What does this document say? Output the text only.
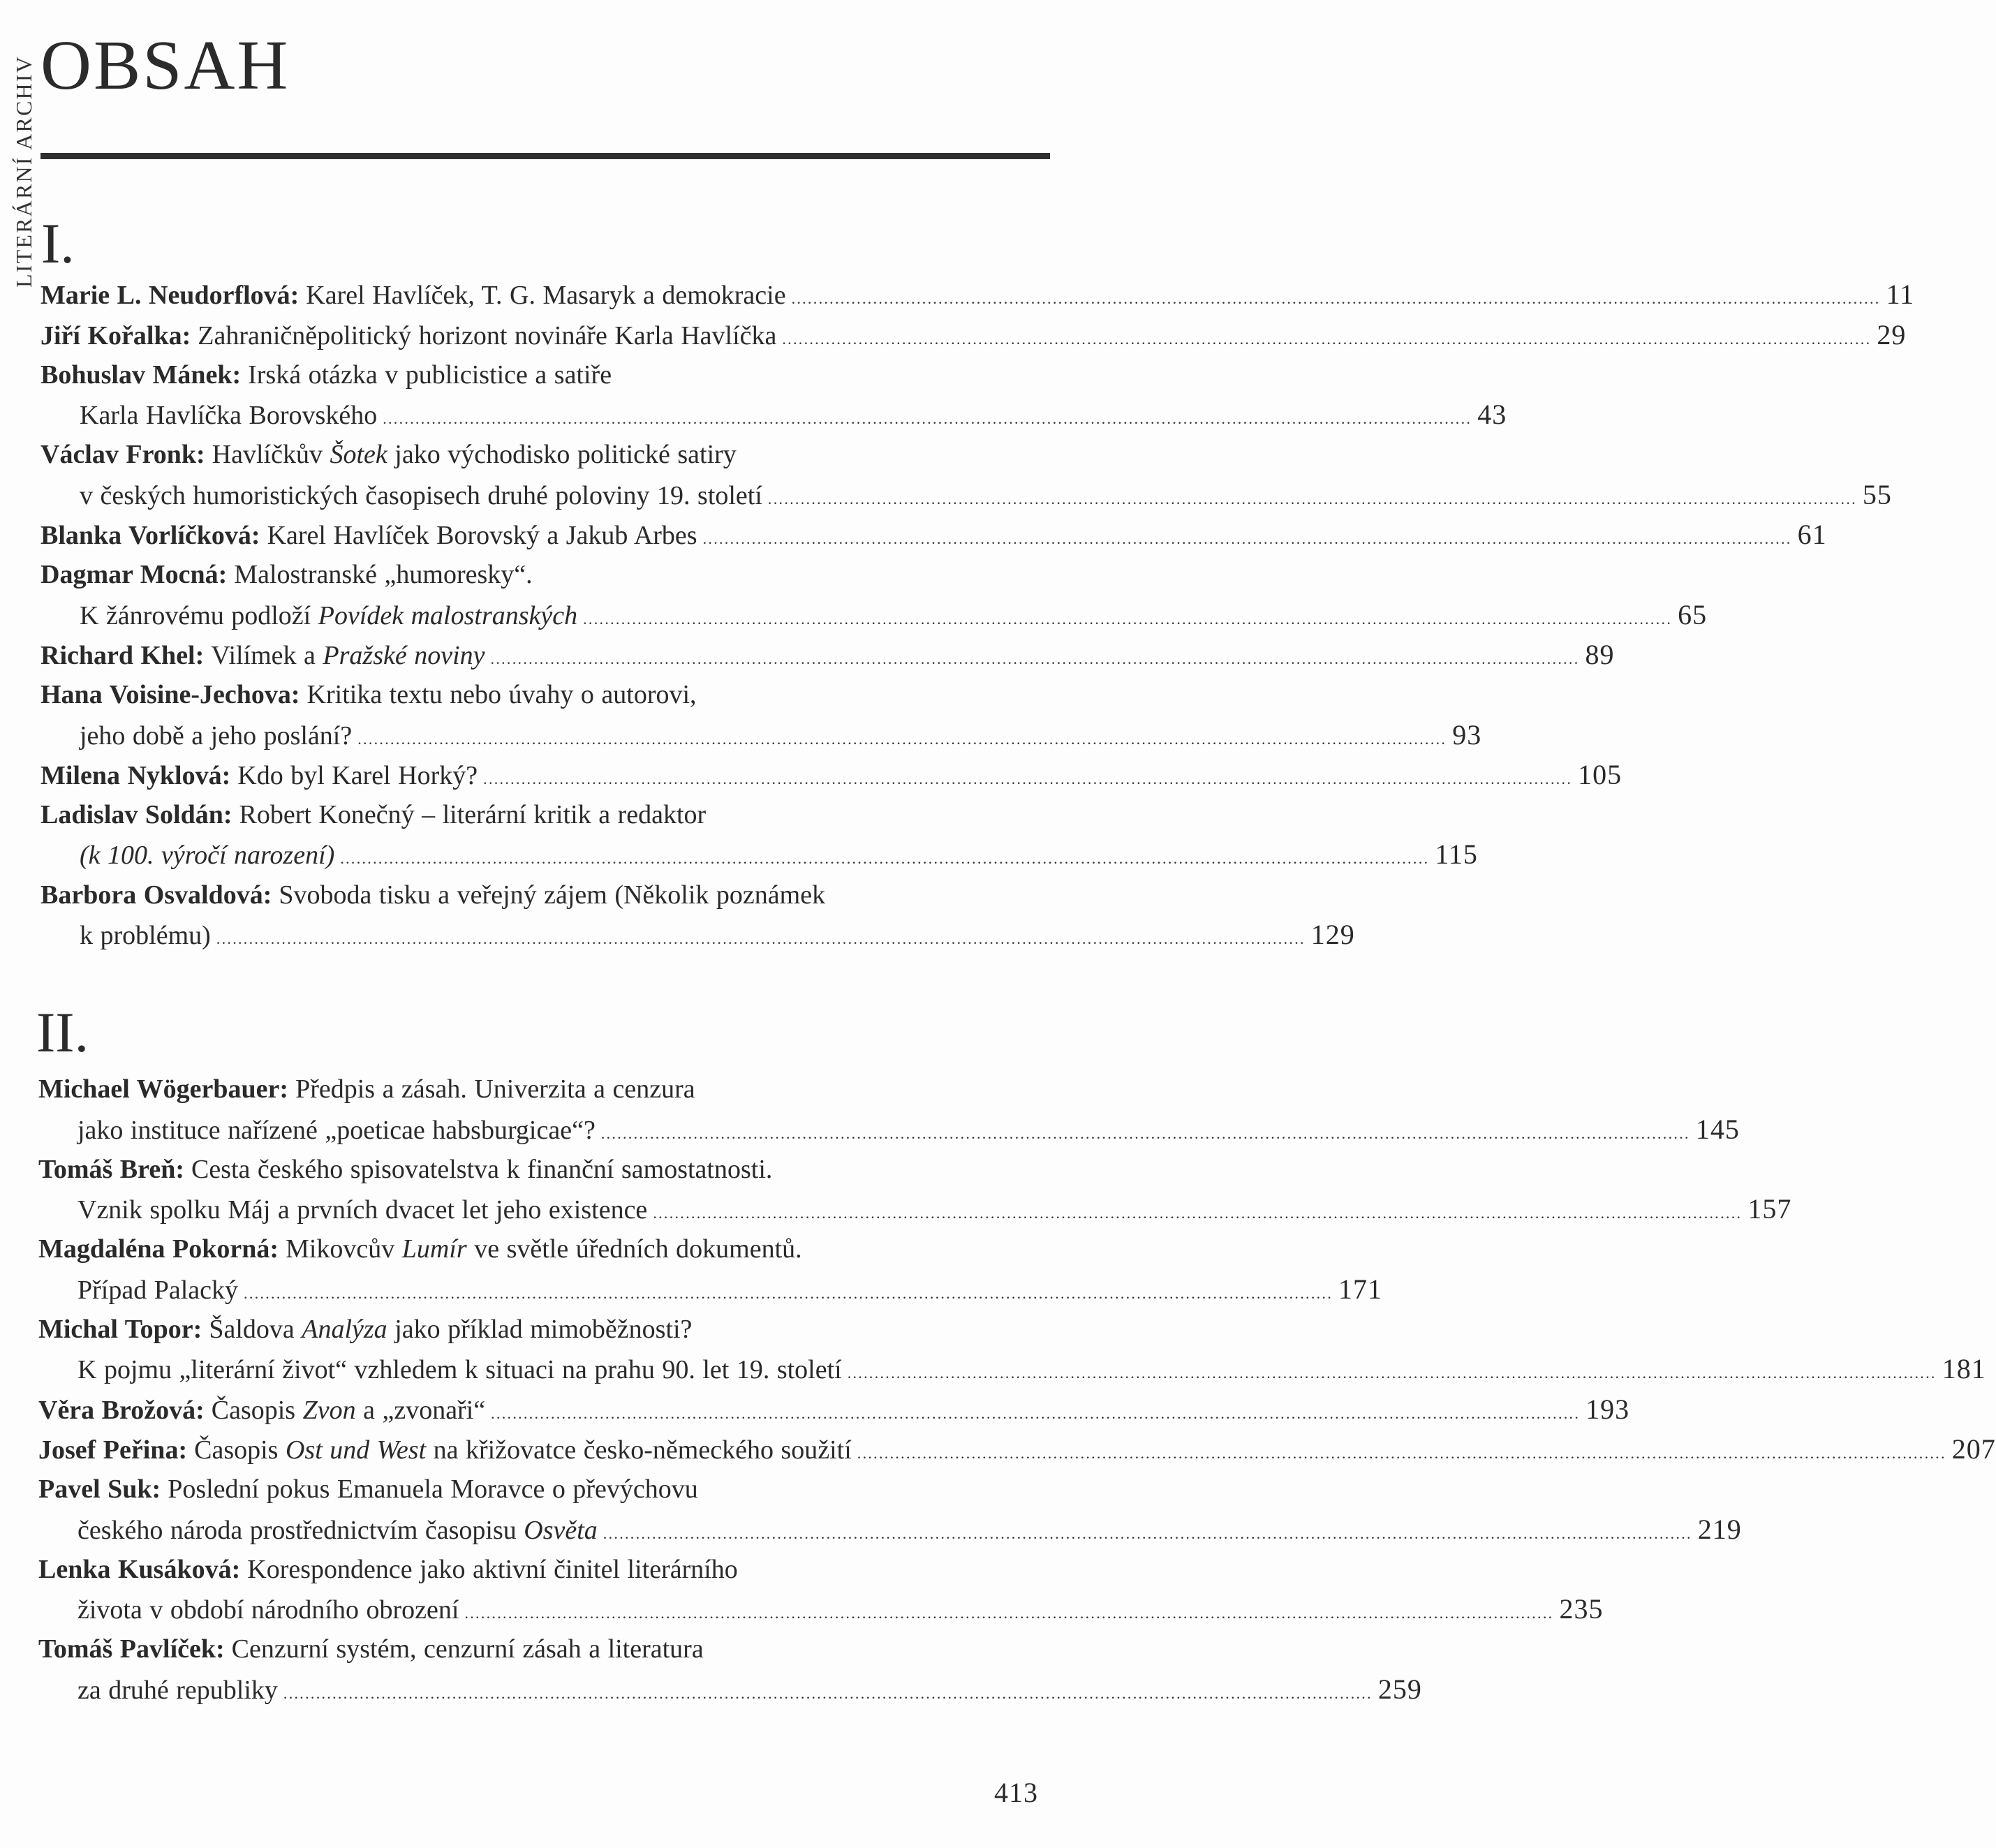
LITERÁRNÍ ARCHIV OBSAH
I.
II.
Marie L. Neudorflová: Karel Havlíček, T. G. Masaryk a demokracie ........................................................................................................................................................................................................ 11
Jiří Kořalka: Zahraničněpolitický horizont novináře Karla Havlíčka ........................................................................................................................................................................................................ 29
Bohuslav Mánek: Irská otázka v publicistice a satiře
Karla Havlíčka Borovského ........................................................................................................................................................................................................ 43
Václav Fronk: Havlíčkův Šotek jako východisko politické satiry
v českých humoristických časopisech druhé poloviny 19. století ........................................................................................................................................................................................................ 55
Blanka Vorlíčková: Karel Havlíček Borovský a Jakub Arbes ........................................................................................................................................................................................................ 61
Dagmar Mocná: Malostranské „humoresky“.
K žánrovému podloží Povídek malostranských ........................................................................................................................................................................................................ 65
Richard Khel: Vilímek a Pražské noviny ........................................................................................................................................................................................................ 89
Hana Voisine-Jechova: Kritika textu nebo úvahy o autorovi,
jeho době a jeho poslání? ........................................................................................................................................................................................................ 93
Milena Nyklová: Kdo byl Karel Horký? ........................................................................................................................................................................................................ 105
Ladislav Soldán: Robert Konečný – literární kritik a redaktor
(k 100. výročí narození) ........................................................................................................................................................................................................ 115
Barbora Osvaldová: Svoboda tisku a veřejný zájem (Několik poznámek
k problému) ........................................................................................................................................................................................................ 129
Michael Wögerbauer: Předpis a zásah. Univerzita a cenzura
jako instituce nařízené „poeticae habsburgicae“? ........................................................................................................................................................................................................ 145
Tomáš Breň: Cesta českého spisovatelstva k finanční samostatnosti.
Vznik spolku Máj a prvních dvacet let jeho existence ........................................................................................................................................................................................................ 157
Magdaléna Pokorná: Mikovcův Lumír ve světle úředních dokumentů.
Případ Palacký ........................................................................................................................................................................................................ 171
Michal Topor: Šaldova Analýza jako příklad mimoběžnosti?
K pojmu „literární život“ vzhledem k situaci na prahu 90. let 19. století ........................................................................................................................................................................................................ 181
Věra Brožová: Časopis Zvon a „zvonaři“ ........................................................................................................................................................................................................ 193
Josef Peřina: Časopis Ost und West na křižovatce česko-německého soužití ........................................................................................................................................................................................................ 207
Pavel Suk: Poslední pokus Emanuela Moravce o převýchovu
českého národa prostřednictvím časopisu Osvěta ........................................................................................................................................................................................................ 219
Lenka Kusáková: Korespondence jako aktivní činitel literárního
života v období národního obrození ........................................................................................................................................................................................................ 235
Tomáš Pavlíček: Cenzurní systém, cenzurní zásah a literatura
za druhé republiky ........................................................................................................................................................................................................ 259
413
